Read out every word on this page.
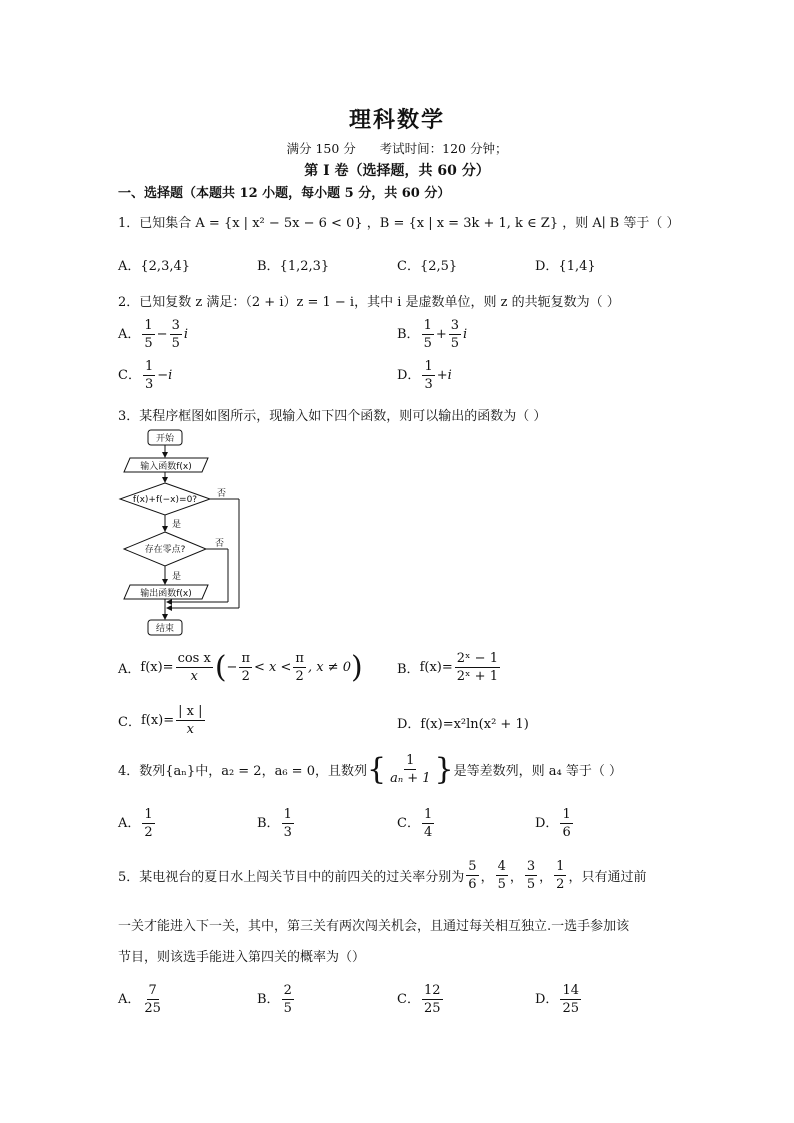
理科数学
满分 150 分      考试时间：120 分钟；
第 I 卷（选择题，共 60 分）
一、选择题（本题共 12 小题，每小题 5 分，共 60 分）
1．已知集合 A = {x | x² − 5x − 6 < 0} ，B = {x | x = 3k + 1, k ∈ Z} ，则 A∣ B 等于（ ）
A．{2,3,4}	B．{1,2,3}	C．{2,5}	D．{1,4}
2．已知复数 z 满足：（2 + i）z = 1 − i，其中 i 是虚数单位，则 z 的共轭复数为（ ）
A． $\frac{1}{5} - \frac{3}{5}$ i	B． $\frac{1}{5} + \frac{3}{5}$ i
C． $\frac{1}{3} -i$	D． $\frac{1}{3} +i$
3．某程序框图如图所示，现输入如下四个函数，则可以输出的函数为（ ）
开始
输入函数f(x)
f(x)+f(−x)=0?
否
是
存在零点?
否
是
输出函数f(x)
结束
A． $f(x)= \frac{\text{cos x}}{x}$ ( − $\frac{\pi}{2} < x < \frac{\pi}{2}$ , x ≠ 0 )	B． $f(x)= \frac{\text{2ˣ − 1}}{\text{2ˣ + 1}}$
C． $f(x)= \frac{| x |}{x}$	D．f(x)=x²ln(x² + 1)
4．数列{aₙ}中，a₂ = 2，a₆ = 0，且数列 { $\frac{1}{\text{aₙ + 1}}$ } 是等差数列，则 a₄ 等于（ ）
A． $\frac{1}{2}$	B． $\frac{1}{3}$	C． $\frac{1}{4}$	D． $\frac{1}{6}$
5．某电视台的夏日水上闯关节目中的前四关的过关率分别为 $\frac{5}{6}$ ， $\frac{4}{5}$ ， $\frac{3}{5}$ ， $\frac{1}{2}$ ，只有通过前
一关才能进入下一关，其中，第三关有两次闯关机会，且通过每关相互独立.一选手参加该
节目，则该选手能进入第四关的概率为（）
A． $\frac{7}{25}$	B． $\frac{2}{5}$	C． $\frac{12}{25}$	D． $\frac{14}{25}$
